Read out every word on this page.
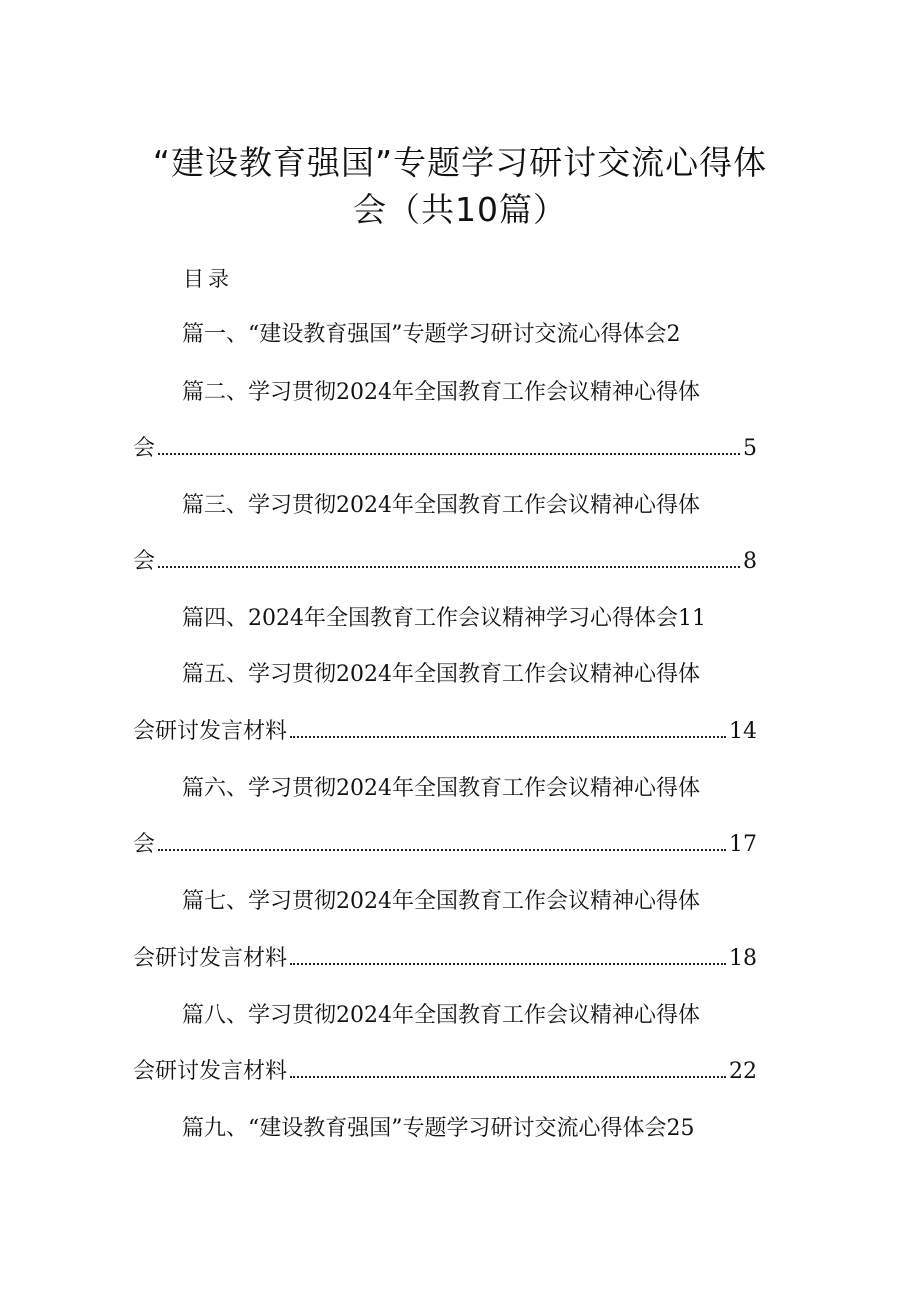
“建设教育强国”专题学习研讨交流心得体
会（共10篇）
目录
篇一、“建设教育强国”专题学习研讨交流心得体会2
篇二、学习贯彻2024年全国教育工作会议精神心得体
会	5
篇三、学习贯彻2024年全国教育工作会议精神心得体
会	8
篇四、2024年全国教育工作会议精神学习心得体会11
篇五、学习贯彻2024年全国教育工作会议精神心得体
会研讨发言材料	14
篇六、学习贯彻2024年全国教育工作会议精神心得体
会	17
篇七、学习贯彻2024年全国教育工作会议精神心得体
会研讨发言材料	18
篇八、学习贯彻2024年全国教育工作会议精神心得体
会研讨发言材料	22
篇九、“建设教育强国”专题学习研讨交流心得体会25
